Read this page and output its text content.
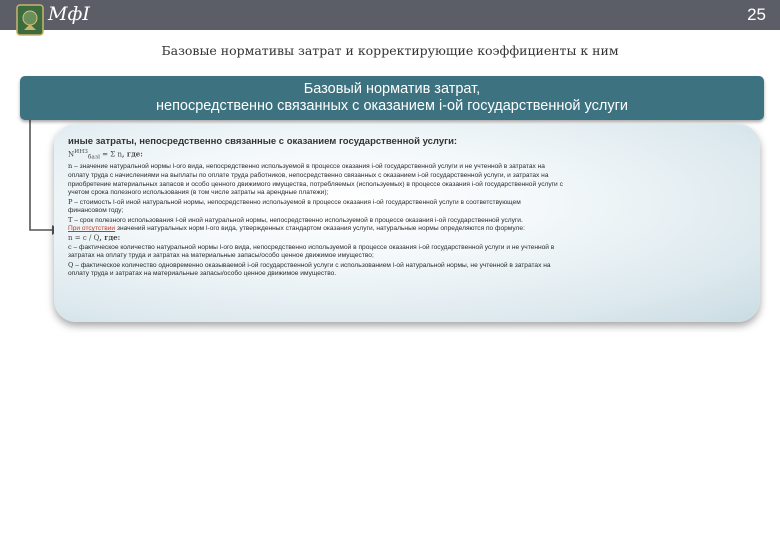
МфІ	25
Базовые нормативы затрат и корректирующие коэффициенты к ним
Базовый норматив затрат,
непосредственно связанных с оказанием i-ой государственной услуги
иные затраты, непосредственно связанные с оказанием государственной услуги:
$N^{ИНЗ}_{базl} = \Sigma$ n, где:
n – значение натуральной нормы l-ого вида, непосредственно используемой в процессе оказания i-ой государственной услуги и не учтенной в затратах на
оплату труда с начислениями на выплаты по оплате труда работников, непосредственно связанных с оказанием i-ой государственной услуги, и затратах на
приобретение материальных запасов и особо ценного движимого имущества, потребляемых (используемых) в процессе оказания i-ой государственной услуги с
учетом срока полезного использования (в том числе затраты на арендные платежи);
P – стоимость l-ой иной натуральной нормы, непосредственно используемой в процессе оказания i-ой государственной услуги в соответствующем
финансовом году;
T – срок полезного использования l-ой иной натуральной нормы, непосредственно используемой в процессе оказания i-ой государственной услуги.
При отсутствии значений натуральных норм l-ого вида, утвержденных стандартом оказания услуги, натуральные нормы определяются по формуле:
n = c / Q, где:
c – фактическое количество натуральной нормы l-ого вида, непосредственно используемой в процессе оказания i-ой государственной услуги и не учтенной в
затратах на оплату труда и затратах на материальные запасы/особо ценное движимое имущество;
Q – фактическое количество одновременно оказываемой i-ой государственной услуги с использованием l-ой натуральной нормы, не учтенной в затратах на
оплату труда и затратах на материальные запасы/особо ценное движимое имущество.
